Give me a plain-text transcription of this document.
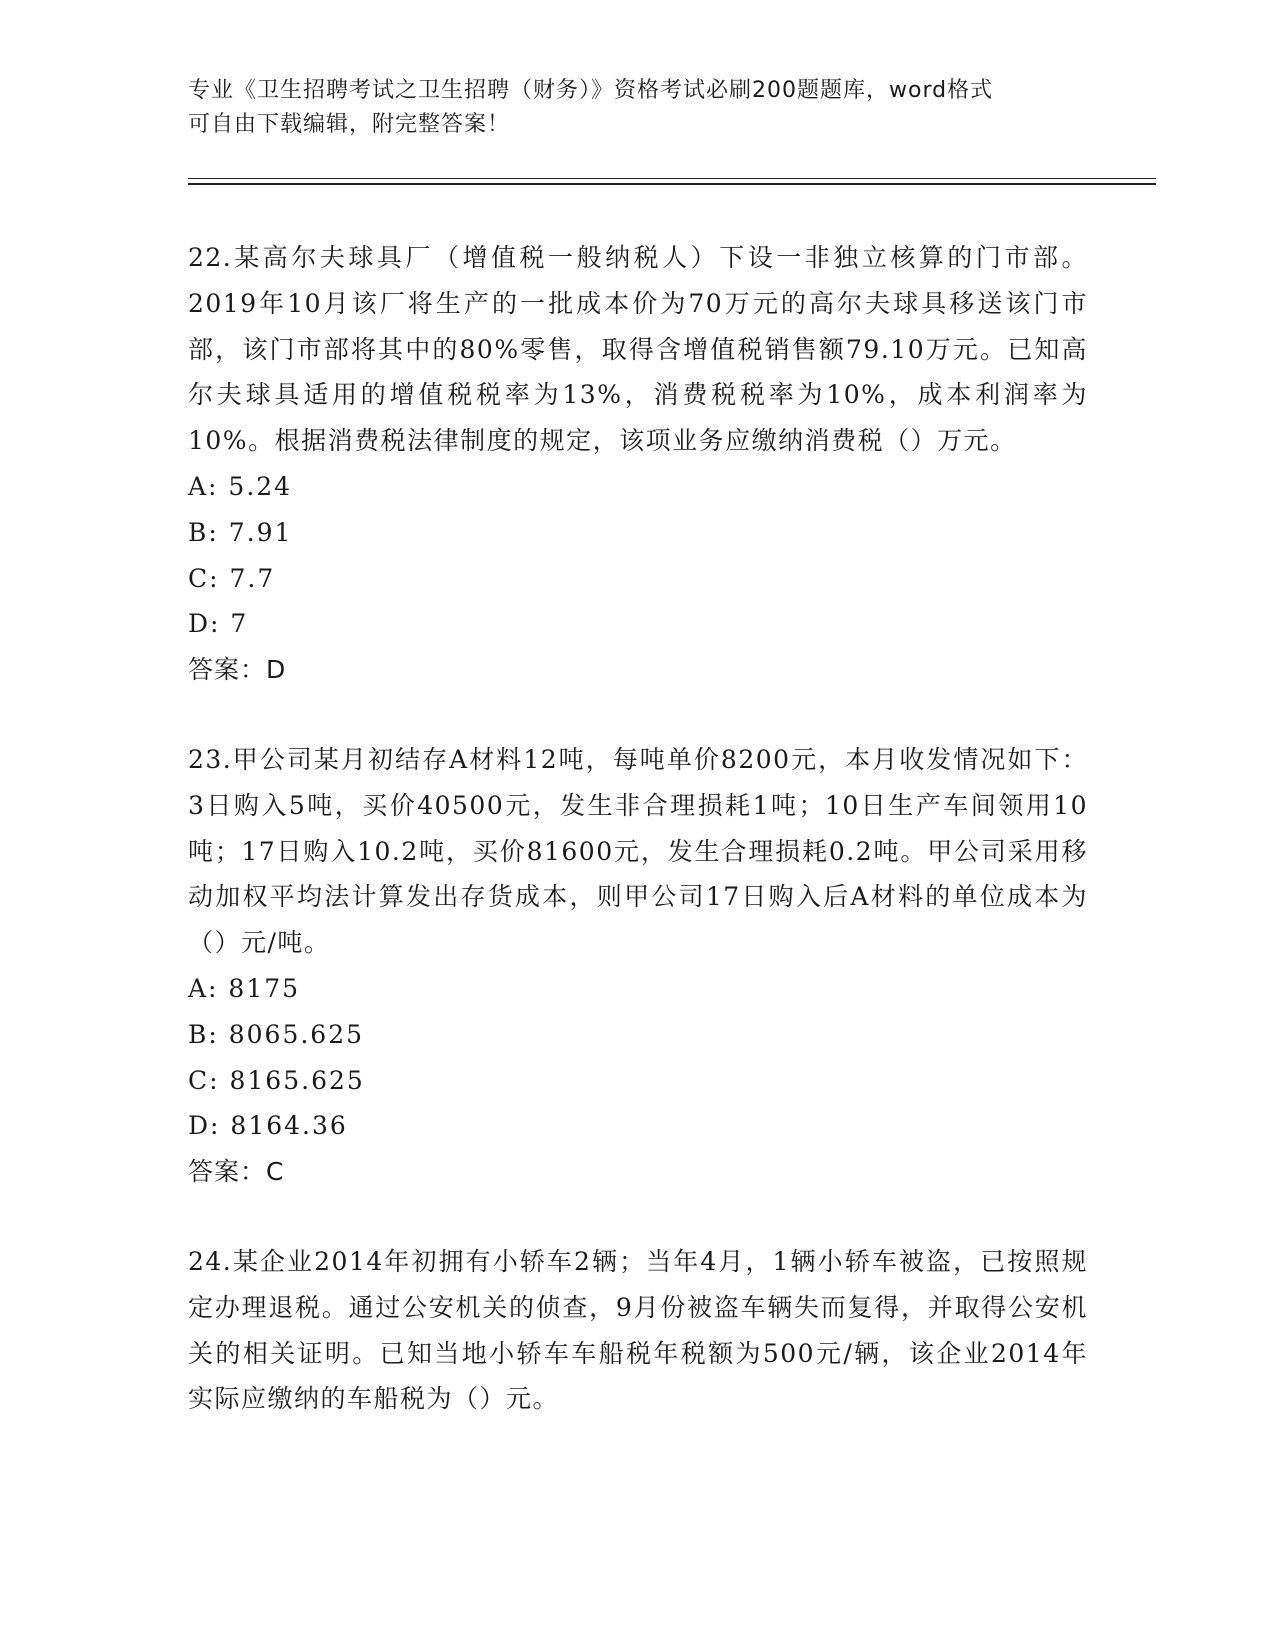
专业《卫生招聘考试之卫生招聘（财务）》资格考试必刷200题题库，word格式
可自由下载编辑，附完整答案！

22.某高尔夫球具厂（增值税一般纳税人）下设一非独立核算的门市部。2019年10月该厂将生产的一批成本价为70万元的高尔夫球具移送该门市部，该门市部将其中的80%零售，取得含增值税销售额79.10万元。已知高尔夫球具适用的增值税税率为13%，消费税税率为10%，成本利润率为10%。根据消费税法律制度的规定，该项业务应缴纳消费税（）万元。

A: 5.24

B: 7.91

C: 7.7

D: 7

答案：D

23.甲公司某月初结存A材料12吨，每吨单价8200元，本月收发情况如下：3日购入5吨，买价40500元，发生非合理损耗1吨；10日生产车间领用10吨；17日购入10.2吨，买价81600元，发生合理损耗0.2吨。甲公司采用移动加权平均法计算发出存货成本，则甲公司17日购入后A材料的单位成本为（）元/吨。

A: 8175

B: 8065.625

C: 8165.625

D: 8164.36

答案：C

24.某企业2014年初拥有小轿车2辆；当年4月，1辆小轿车被盗，已按照规定办理退税。通过公安机关的侦查，9月份被盗车辆失而复得，并取得公安机关的相关证明。已知当地小轿车车船税年税额为500元/辆，该企业2014年实际应缴纳的车船税为（）元。
